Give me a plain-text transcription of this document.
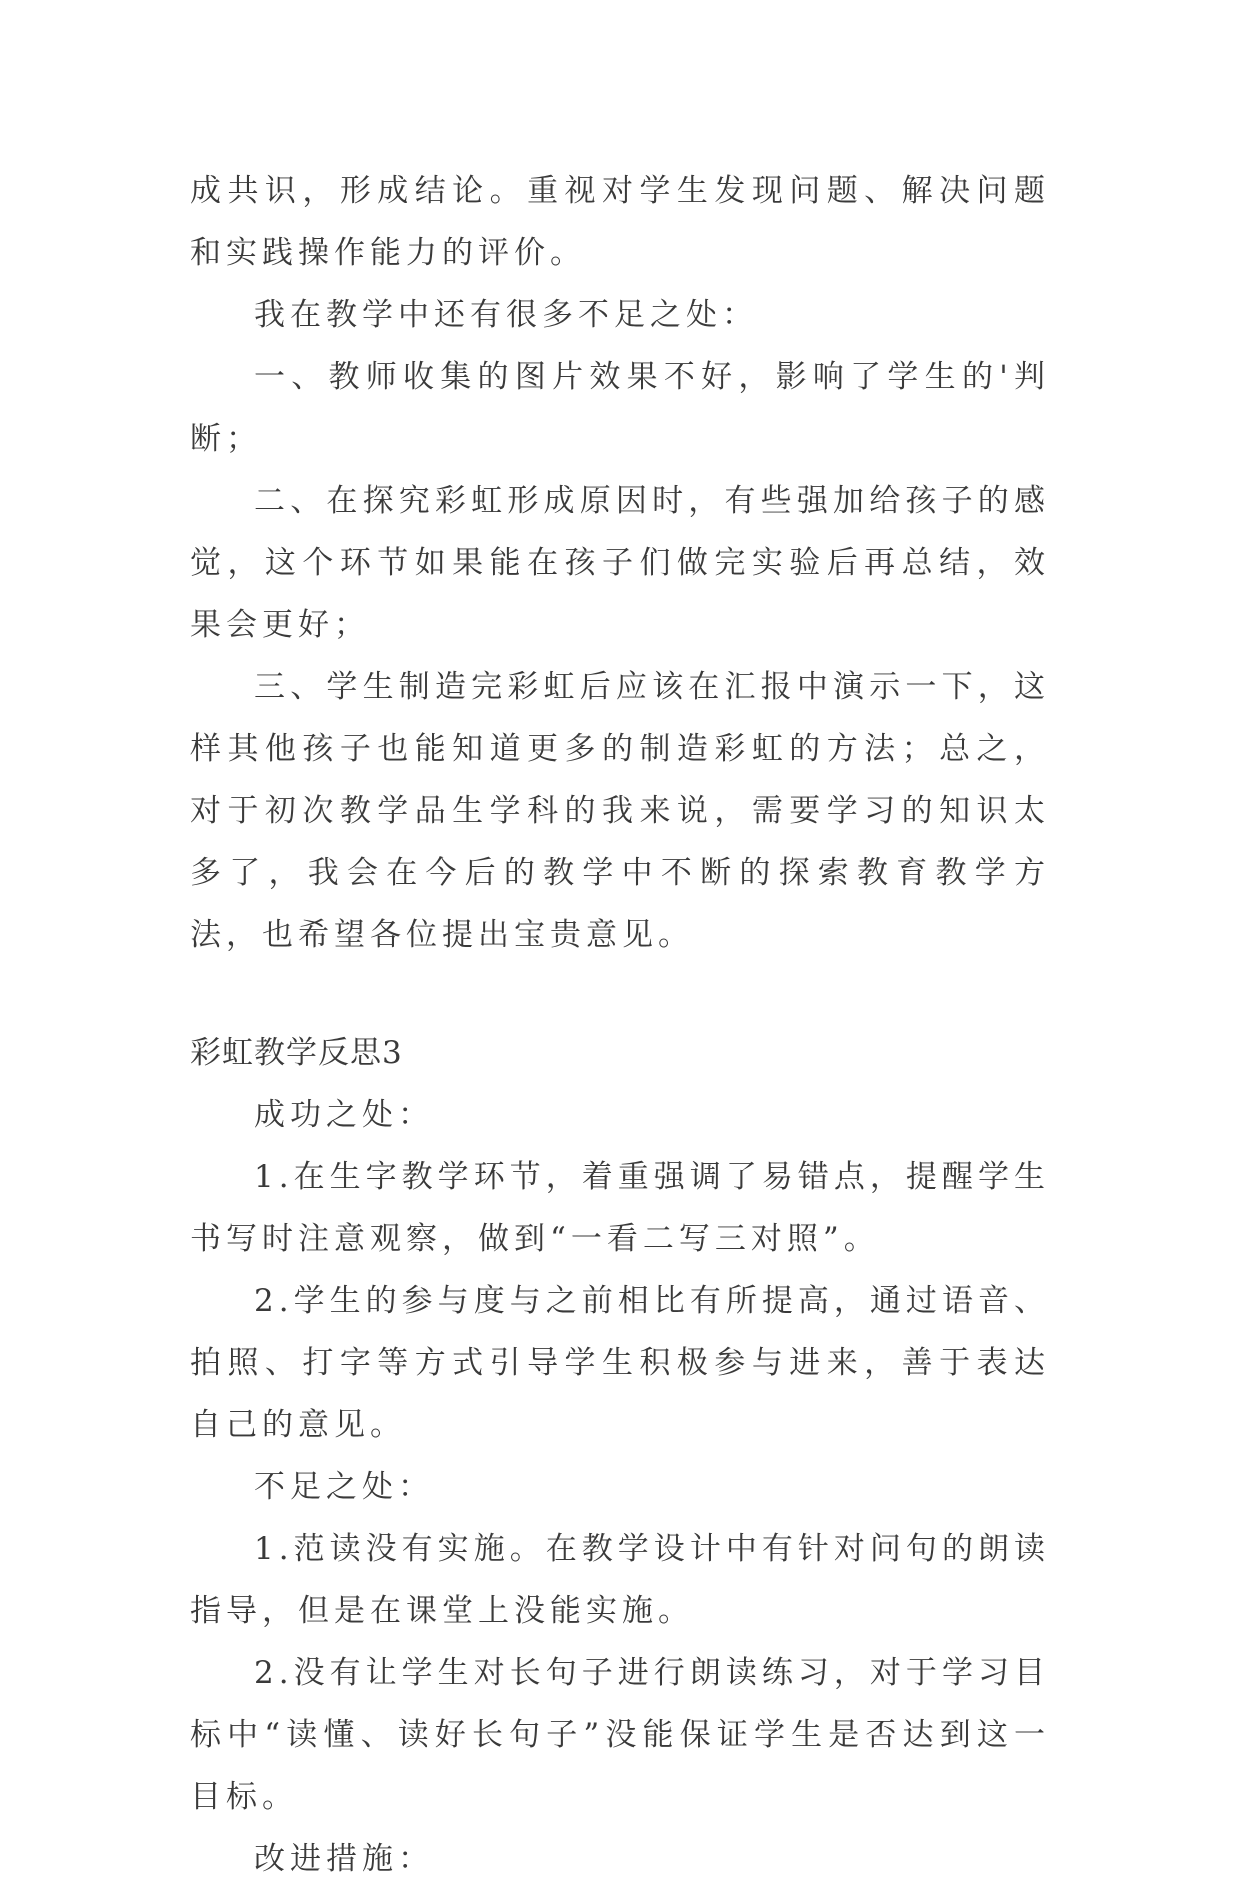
成共识，形成结论。重视对学生发现问题、解决问题和实践操作能力的评价。

我在教学中还有很多不足之处：

一、教师收集的图片效果不好，影响了学生的'判断；

二、在探究彩虹形成原因时，有些强加给孩子的感觉，这个环节如果能在孩子们做完实验后再总结，效果会更好；

三、学生制造完彩虹后应该在汇报中演示一下，这样其他孩子也能知道更多的制造彩虹的方法；总之，对于初次教学品生学科的我来说，需要学习的知识太多了，我会在今后的教学中不断的探索教育教学方法，也希望各位提出宝贵意见。

彩虹教学反思3

成功之处：

1.在生字教学环节，着重强调了易错点，提醒学生书写时注意观察，做到“一看二写三对照”。

2.学生的参与度与之前相比有所提高，通过语音、拍照、打字等方式引导学生积极参与进来，善于表达自己的意见。

不足之处：

1.范读没有实施。在教学设计中有针对问句的朗读指导，但是在课堂上没能实施。

2.没有让学生对长句子进行朗读练习，对于学习目标中“读懂、读好长句子”没能保证学生是否达到这一目标。

改进措施：
